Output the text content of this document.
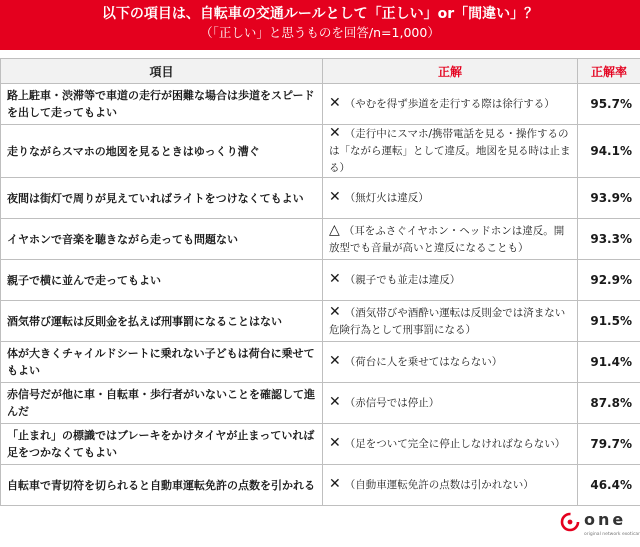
以下の項目は、自転車の交通ルールとして「正しい」or「間違い」？
（「正しい」と思うものを回答/n=1,000）
項目	正解	正解率
路上駐車・渋滞等で車道の走行が困難な場合は歩道をスピードを出して走ってもよい	✕ （やむを得ず歩道を走行する際は徐行する）	95.7%
走りながらスマホの地図を見るときはゆっくり漕ぐ	✕ （走行中にスマホ/携帯電話を見る・操作するのは「ながら運転」として違反。地図を見る時は止まる）	94.1%
夜間は街灯で周りが見えていればライトをつけなくてもよい	✕ （無灯火は違反）	93.9%
イヤホンで音楽を聴きながら走っても問題ない	△ （耳をふさぐイヤホン・ヘッドホンは違反。開放型でも音量が高いと違反になることも）	93.3%
親子で横に並んで走ってもよい	✕ （親子でも並走は違反）	92.9%
酒気帯び運転は反則金を払えば刑事罰になることはない	✕ （酒気帯びや酒酔い運転は反則金では済まない危険行為として刑事罰になる）	91.5%
体が大きくチャイルドシートに乗れない子どもは荷台に乗せてもよい	✕ （荷台に人を乗せてはならない）	91.4%
赤信号だが他に車・自転車・歩行者がいないことを確認して進んだ	✕ （赤信号では停止）	87.8%
「止まれ」の標識ではブレーキをかけタイヤが止まっていれば足をつかなくてもよい	✕ （足をついて完全に停止しなければならない）	79.7%
自転車で青切符を切られると自動車運転免許の点数を引かれる	✕ （自動車運転免許の点数は引かれない）	46.4%
one
original network exoticar
